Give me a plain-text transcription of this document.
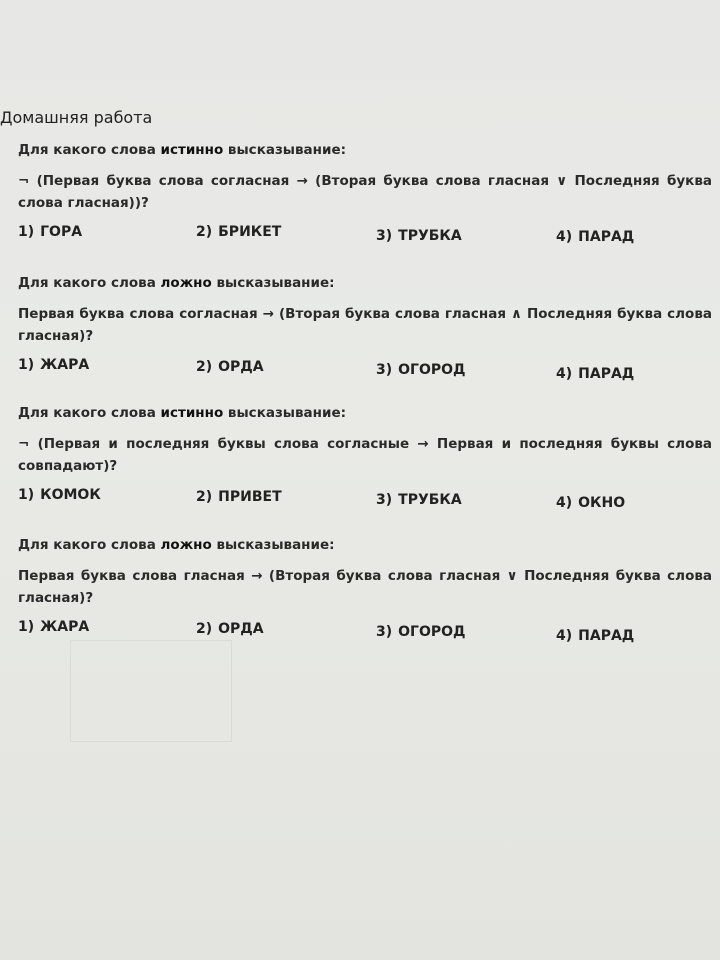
Домашняя работа
Для какого слова истинно высказывание:
¬ (Первая буква слова согласная → (Вторая буква слова гласная ∨ Последняя буква слова гласная))?
1) ГОРА	2) БРИКЕТ	3) ТРУБКА	4) ПАРАД
Для какого слова ложно высказывание:
Первая буква слова согласная → (Вторая буква слова гласная ∧ Последняя буква слова гласная)?
1) ЖАРА	2) ОРДА	3) ОГОРОД	4) ПАРАД
Для какого слова истинно высказывание:
¬ (Первая и последняя буквы слова согласные → Первая и последняя буквы слова совпадают)?
1) КОМОК	2) ПРИВЕТ	3) ТРУБКА	4) ОКНО
Для какого слова ложно высказывание:
Первая буква слова гласная → (Вторая буква слова гласная ∨ Последняя буква слова гласная)?
1) ЖАРА	2) ОРДА	3) ОГОРОД	4) ПАРАД
